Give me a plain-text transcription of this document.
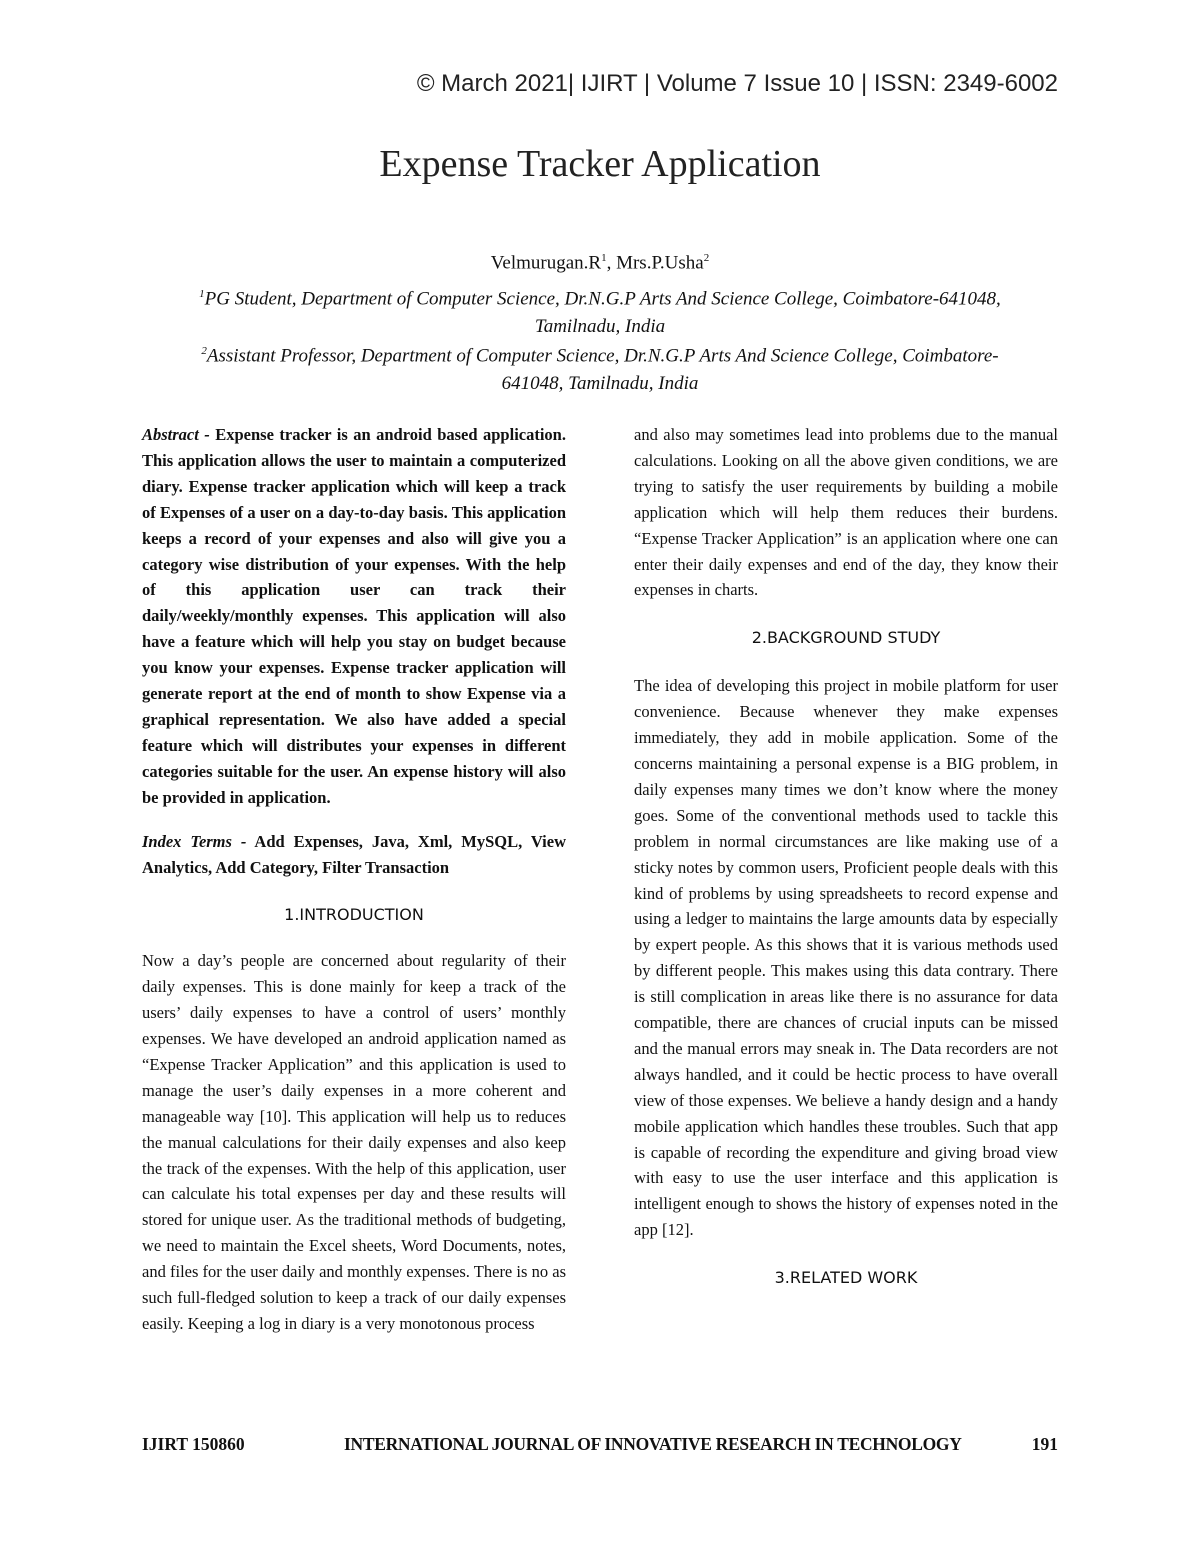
© March 2021| IJIRT | Volume 7 Issue 10 | ISSN: 2349-6002
Expense Tracker Application
$Velmurugan.R^1$, Mrs.P.Usha$^2$
$^1$PG Student, Department of Computer Science, Dr.N.G.P Arts And Science College, Coimbatore-641048,
Tamilnadu, India
$^2$Assistant Professor, Department of Computer Science, Dr.N.G.P Arts And Science College, Coimbatore-
641048, Tamilnadu, India

Abstract - Expense tracker is an android based application. This application allows the user to maintain a computerized diary. Expense tracker application which will keep a track of Expenses of a user on a day-to-day basis. This application keeps a record of your expenses and also will give you a category wise distribution of your expenses. With the help of this application user can track their daily/weekly/monthly expenses. This application will also have a feature which will help you stay on budget because you know your expenses. Expense tracker application will generate report at the end of month to show Expense via a graphical representation. We also have added a special feature which will distributes your expenses in different categories suitable for the user. An expense history will also be provided in application.

Index Terms - Add Expenses, Java, Xml, MySQL, View Analytics, Add Category, Filter Transaction

1.INTRODUCTION

Now a day’s people are concerned about regularity of their daily expenses. This is done mainly for keep a track of the users’ daily expenses to have a control of users’ monthly expenses. We have developed an android application named as “Expense Tracker Application” and this application is used to manage the user’s daily expenses in a more coherent and manageable way [10]. This application will help us to reduces the manual calculations for their daily expenses and also keep the track of the expenses. With the help of this application, user can calculate his total expenses per day and these results will stored for unique user. As the traditional methods of budgeting, we need to maintain the Excel sheets, Word Documents, notes, and files for the user daily and monthly expenses. There is no as such full-fledged solution to keep a track of our daily expenses easily. Keeping a log in diary is a very monotonous process

and also may sometimes lead into problems due to the manual calculations. Looking on all the above given conditions, we are trying to satisfy the user requirements by building a mobile application which will help them reduces their burdens. “Expense Tracker Application” is an application where one can enter their daily expenses and end of the day, they know their expenses in charts.

2.BACKGROUND STUDY

The idea of developing this project in mobile platform for user convenience. Because whenever they make expenses immediately, they add in mobile application. Some of the concerns maintaining a personal expense is a BIG problem, in daily expenses many times we don’t know where the money goes. Some of the conventional methods used to tackle this problem in normal circumstances are like making use of a sticky notes by common users, Proficient people deals with this kind of problems by using spreadsheets to record expense and using a ledger to maintains the large amounts data by especially by expert people. As this shows that it is various methods used by different people. This makes using this data contrary. There is still complication in areas like there is no assurance for data compatible, there are chances of crucial inputs can be missed and the manual errors may sneak in. The Data recorders are not always handled, and it could be hectic process to have overall view of those expenses. We believe a handy design and a handy mobile application which handles these troubles. Such that app is capable of recording the expenditure and giving broad view with easy to use the user interface and this application is intelligent enough to shows the history of expenses noted in the app [12].

3.RELATED WORK
IJIRT 150860	INTERNATIONAL JOURNAL OF INNOVATIVE RESEARCH IN TECHNOLOGY	191
